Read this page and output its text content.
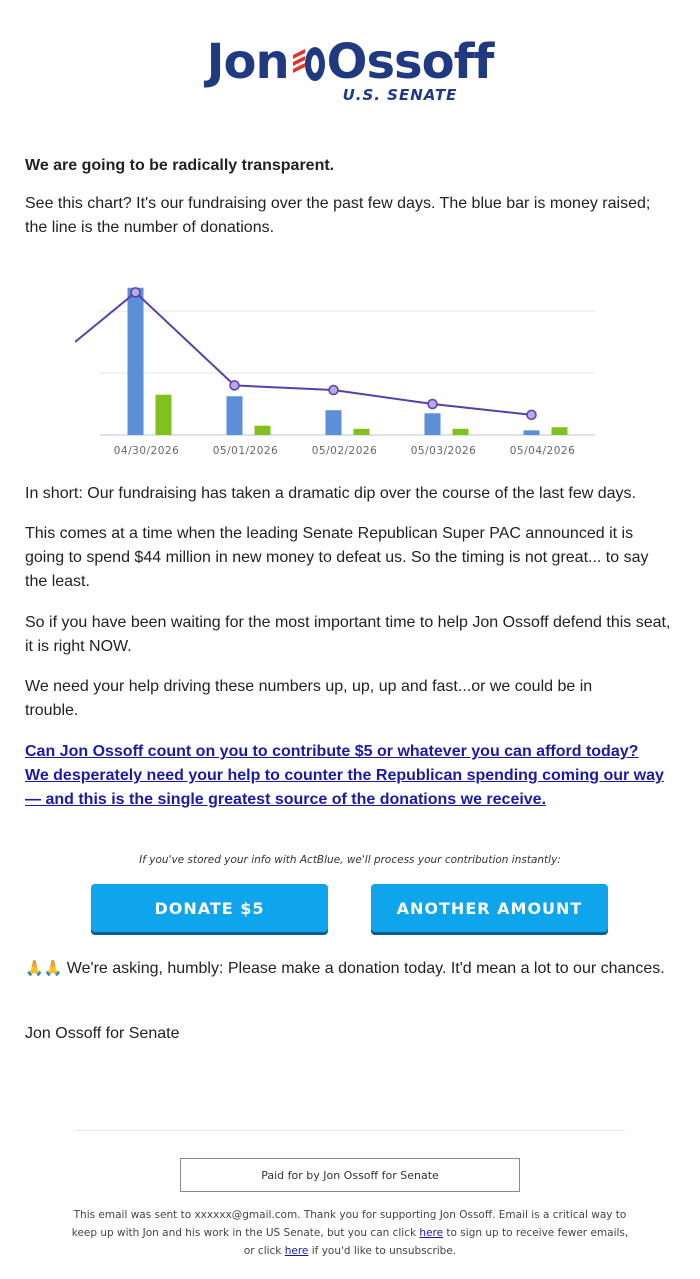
Jon Ossoff
U.S. SENATE

We are going to be radically transparent.

See this chart? It's our fundraising over the past few days. The blue bar is money raised; the line is the number of donations.

04/30/2026	05/01/2026	05/02/2026	05/03/2026	05/04/2026

In short: Our fundraising has taken a dramatic dip over the course of the last few days.

This comes at a time when the leading Senate Republican Super PAC announced it is going to spend $44 million in new money to defeat us. So the timing is not great... to say the least.

So if you have been waiting for the most important time to help Jon Ossoff defend this seat, it is right NOW.

We need your help driving these numbers up, up, up and fast...or we could be in trouble.

Can Jon Ossoff count on you to contribute $5 or whatever you can afford today? We desperately need your help to counter the Republican spending coming our way — and this is the single greatest source of the donations we receive.

If you've stored your info with ActBlue, we'll process your contribution instantly:
DONATE $5	ANOTHER AMOUNT

🙏🙏 We're asking, humbly: Please make a donation today. It'd mean a lot to our chances.

Jon Ossoff for Senate

Paid for by Jon Ossoff for Senate
This email was sent to xxxxxx@gmail.com. Thank you for supporting Jon Ossoff. Email is a critical way to keep up with Jon and his work in the US Senate, but you can click here to sign up to receive fewer emails, or click here if you'd like to unsubscribe.
